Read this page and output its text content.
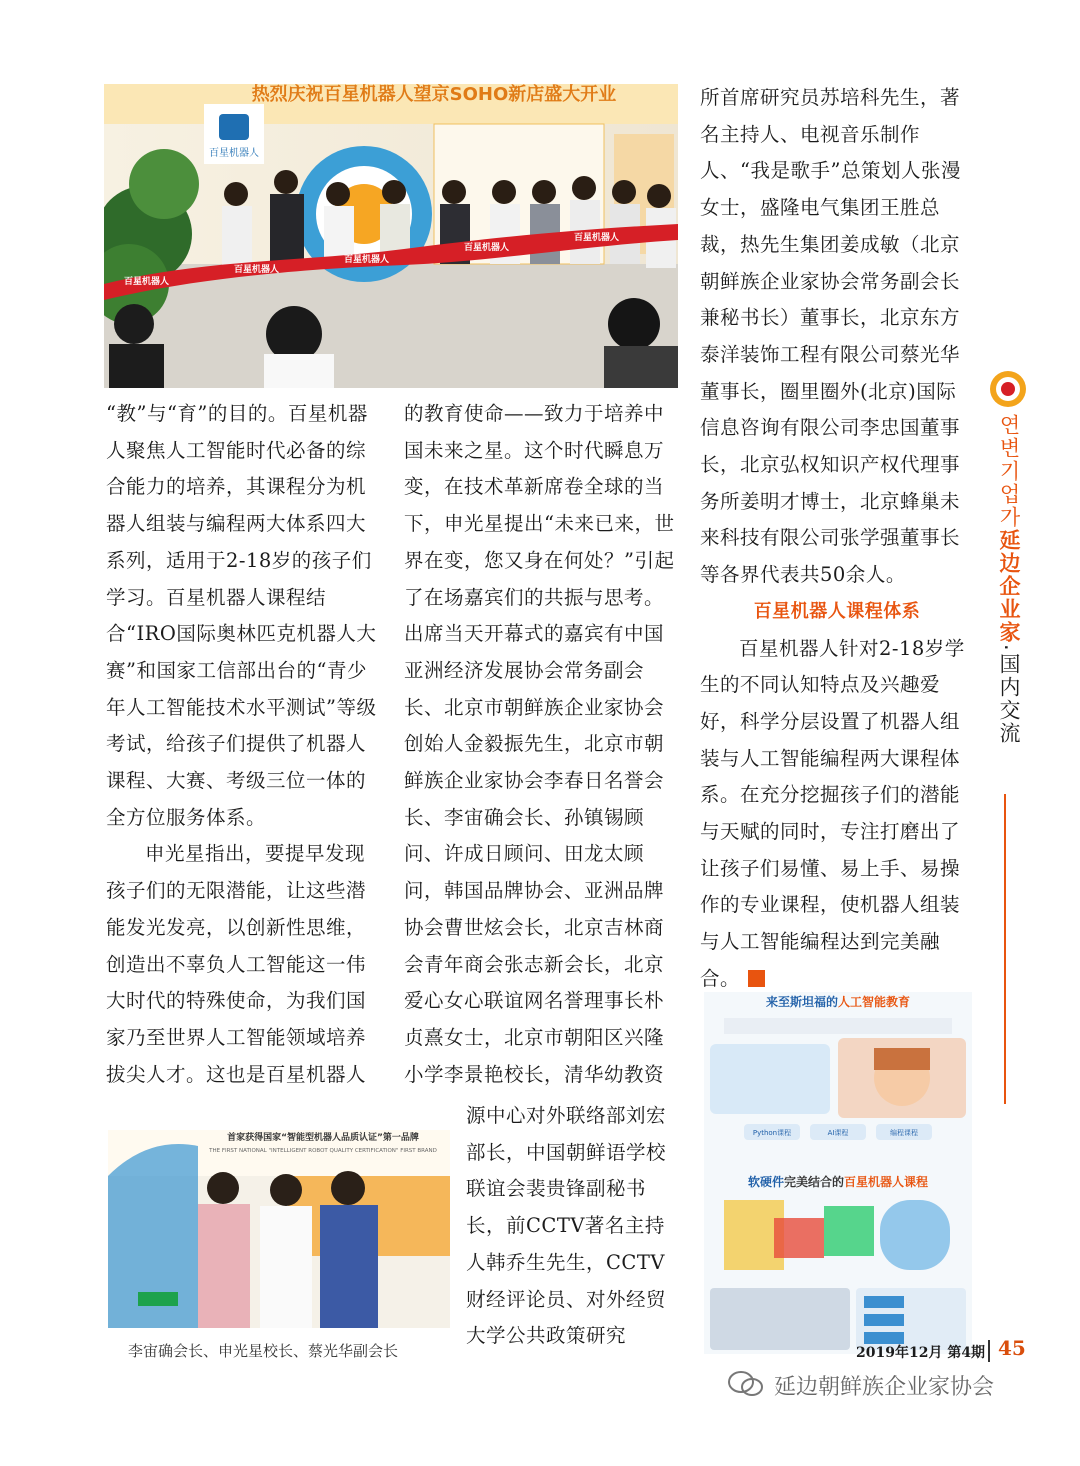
百星机器人
热烈庆祝百星机器人望京SOHO新店盛大开业
百星机器人
百星机器人
百星机器人
百星机器人
百星机器人

“教”与“育”的目的。百星机器人聚焦人工智能时代必备的综合能力的培养，其课程分为机器人组装与编程两大体系四大系列，适用于2-18岁的孩子们学习。百星机器人课程结合“IRO国际奥林匹克机器人大赛”和国家工信部出台的“青少年人工智能技术水平测试”等级考试，给孩子们提供了机器人课程、大赛、考级三位一体的全方位服务体系。

申光星指出，要提早发现孩子们的无限潜能，让这些潜能发光发亮，以创新性思维，创造出不辜负人工智能这一伟大时代的特殊使命，为我们国家乃至世界人工智能领域培养拔尖人才。这也是百星机器人

的教育使命——致力于培养中国未来之星。这个时代瞬息万变，在技术革新席卷全球的当下，申光星提出“未来已来，世界在变，您又身在何处？”引起了在场嘉宾们的共振与思考。出席当天开幕式的嘉宾有中国亚洲经济发展协会常务副会长、北京市朝鲜族企业家协会创始人金毅振先生，北京市朝鲜族企业家协会李春日名誉会长、李宙确会长、孙镇锡顾问、许成日顾问、田龙太顾问，韩国品牌协会、亚洲品牌协会曹世炫会长，北京吉林商会青年商会张志新会长，北京爱心女心联谊网名誉理事长朴贞熹女士，北京市朝阳区兴隆小学李景艳校长，清华幼教资

首家获得国家“智能型机器人品质认证”第一品牌
THE FIRST NATIONAL "INTELLIGENT ROBOT QUALITY CERTIFICATION" FIRST BRAND
李宙确会长、申光星校长、蔡光华副会长

源中心对外联络部刘宏部长，中国朝鲜语学校联谊会裴贵锋副秘书长，前CCTV著名主持人韩乔生先生，CCTV财经评论员、对外经贸大学公共政策研究

所首席研究员苏培科先生，著名主持人、电视音乐制作人、“我是歌手”总策划人张漫女士，盛隆电气集团王胜总裁，热先生集团姜成敏（北京朝鲜族企业家协会常务副会长兼秘书长）董事长，北京东方泰洋装饰工程有限公司蔡光华董事长，圈里圈外(北京)国际信息咨询有限公司李忠国董事长，北京弘权知识产权代理事务所姜明才博士，北京蜂巢未来科技有限公司张学强董事长等各界代表共50余人。

百星机器人课程体系

百星机器人针对2-18岁学生的不同认知特点及兴趣爱好，科学分层设置了机器人组装与人工智能编程两大课程体系。在充分挖掘孩子们的潜能与天赋的同时，专注打磨出了让孩子们易懂、易上手、易操作的专业课程，使机器人组装与人工智能编程达到完美融合。

来至斯坦福的人工智能教育
Python课程	AI课程	编程课程
软硬件完美结合的百星机器人课程
연변기업가
延边企业家
·
国内交流
2019年12月 第4期 45
延边朝鲜族企业家协会
